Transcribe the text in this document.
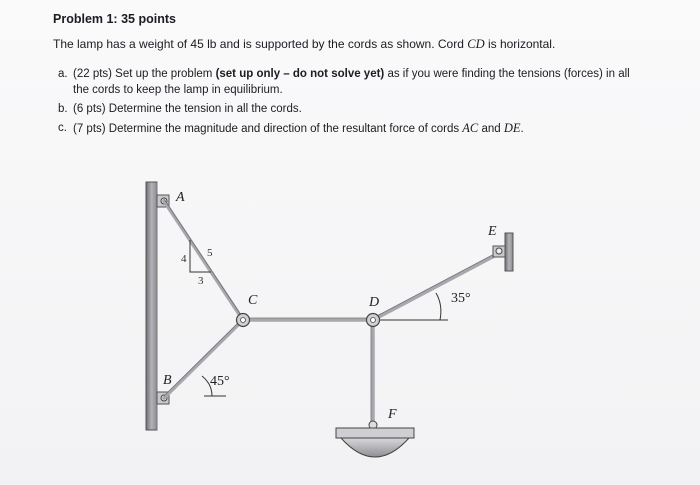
Problem 1: 35 points
The lamp has a weight of 45 lb and is supported by the cords as shown. Cord CD is horizontal.
a. (22 pts) Set up the problem (set up only – do not solve yet) as if you were finding the tensions (forces) in all the cords to keep the lamp in equilibrium.
b. (6 pts) Determine the tension in all the cords.
c. (7 pts) Determine the magnitude and direction of the resultant force of cords AC and DE.
4
3
5
45°
35°
A
B
C	D
E
F
